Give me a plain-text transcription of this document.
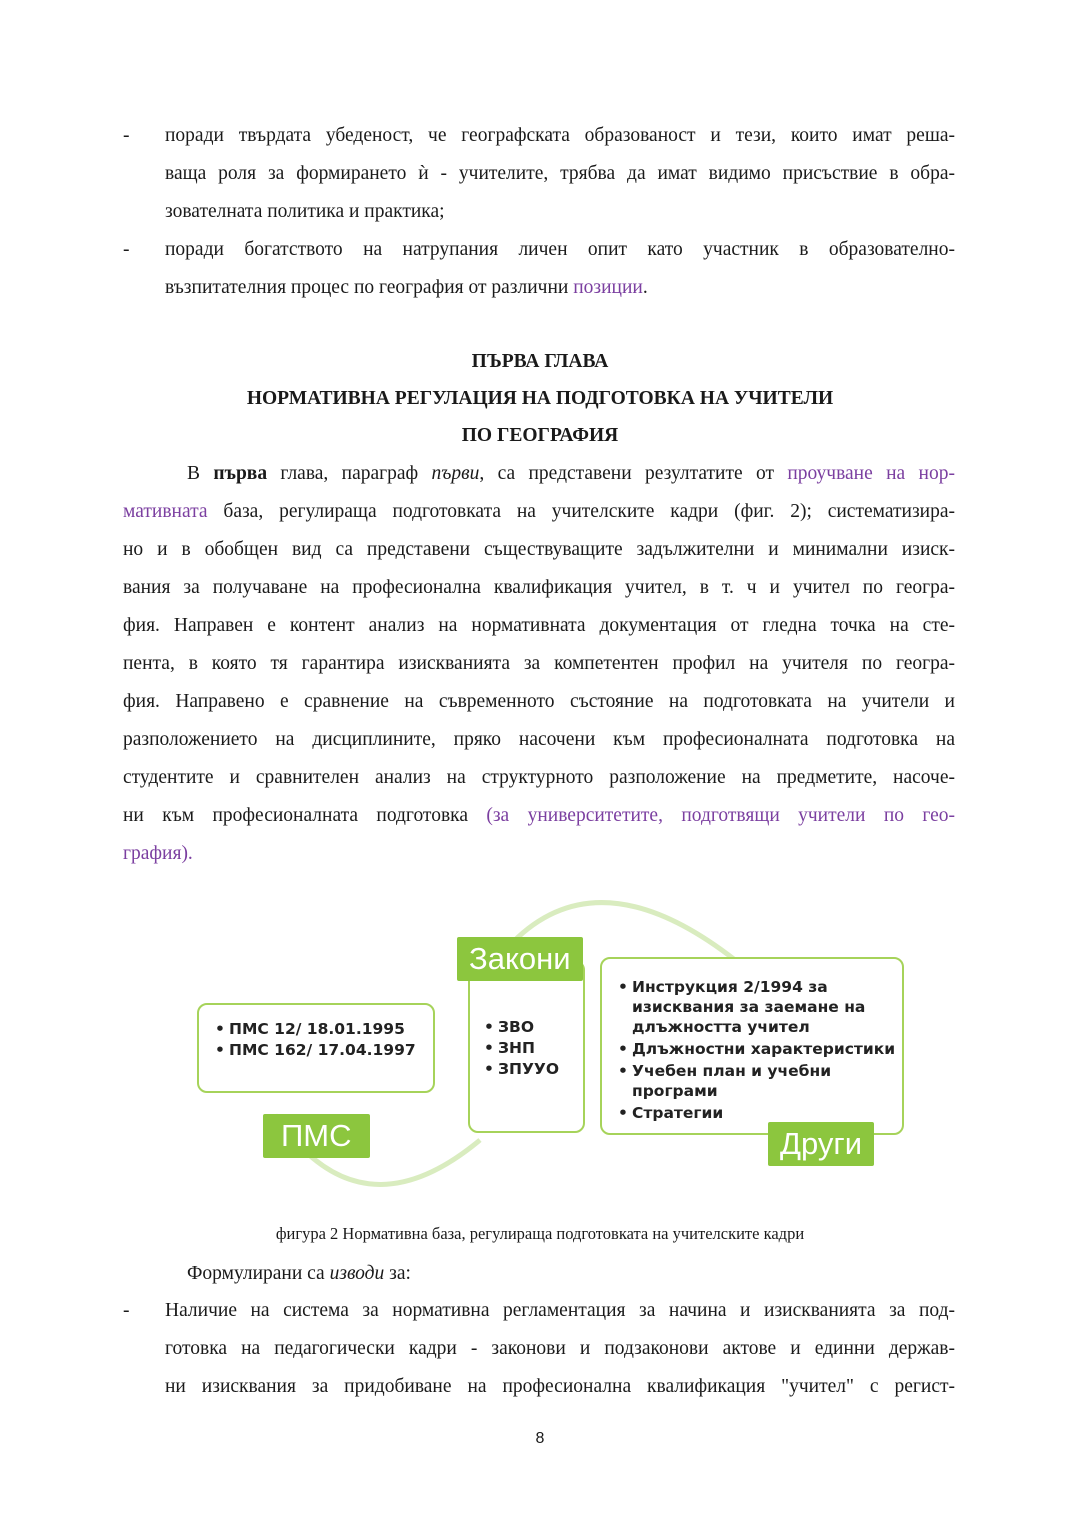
- поради твърдата убеденост, че географската образованост и тези, които имат реша-
ваща роля за формирането ѝ - учителите, трябва да имат видимо присъствие в обра-
зователната политика и практика;
- поради богатството на натрупания личен опит като участник в образователно-
възпитателния процес по география от различни позиции.
ПЪРВА ГЛАВА
НОРМАТИВНА РЕГУЛАЦИЯ НА ПОДГОТОВКА НА УЧИТЕЛИ
ПО ГЕОГРАФИЯ
В първа глава, параграф първи, са представени резултатите от проучване на нор-
мативната база, регулираща подготовката на учителските кадри (фиг. 2); систематизира-
но и в обобщен вид са представени съществуващите задължителни и минимални изиск-
вания за получаване на професионална квалификация учител, в т. ч и учител по геогра-
фия. Направен е контент анализ на нормативната документация от гледна точка на сте-
пента, в която тя гарантира изискванията за компетентен профил на учителя по геогра-
фия. Направено е сравнение на съвременното състояние на подготовката на учители и
разположението на дисциплините, пряко насочени към професионалната подготовка на
студентите и сравнителен анализ на структурното разположение на предметите, насоче-
ни към професионалната подготовка (за университетите, подготвящи учители по гео-
графия).
• ЗВО
• ЗНП
• ЗПУУО
Закони
• ПМС 12/ 18.01.1995
• ПМС 162/ 17.04.1997
ПМС
• Инструкция 2/1994 за изисквания за заемане на длъжността учител
• Длъжностни характеристики
• Учебен план и учебни програми
• Стратегии
Други
фигура 2 Нормативна база, регулираща подготовката на учителските кадри
Формулирани са изводи за:
- Наличие на система за нормативна регламентация за начина и изискванията за под-
готовка на педагогически кадри - законови и подзаконови актове и единни держав-
ни изисквания за придобиване на професионална квалификация "учител" с регист-
8
